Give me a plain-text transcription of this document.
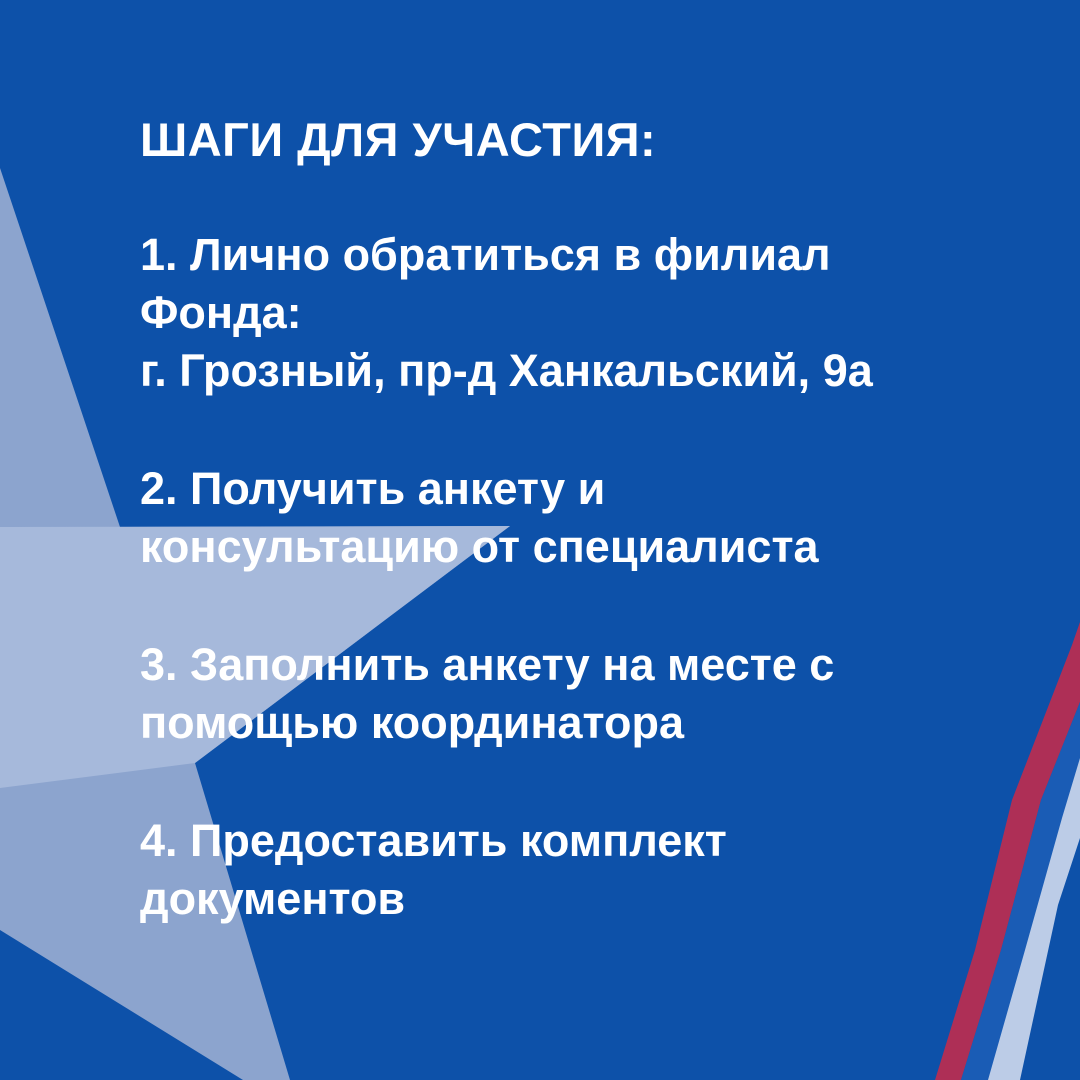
ШАГИ ДЛЯ УЧАСТИЯ:
1. Лично обратиться в филиал
Фонда:
г. Грозный, пр-д Ханкальский, 9а
2. Получить анкету и
консультацию от специалиста
3. Заполнить анкету на месте с
помощью координатора
4. Предоставить комплект
документов
